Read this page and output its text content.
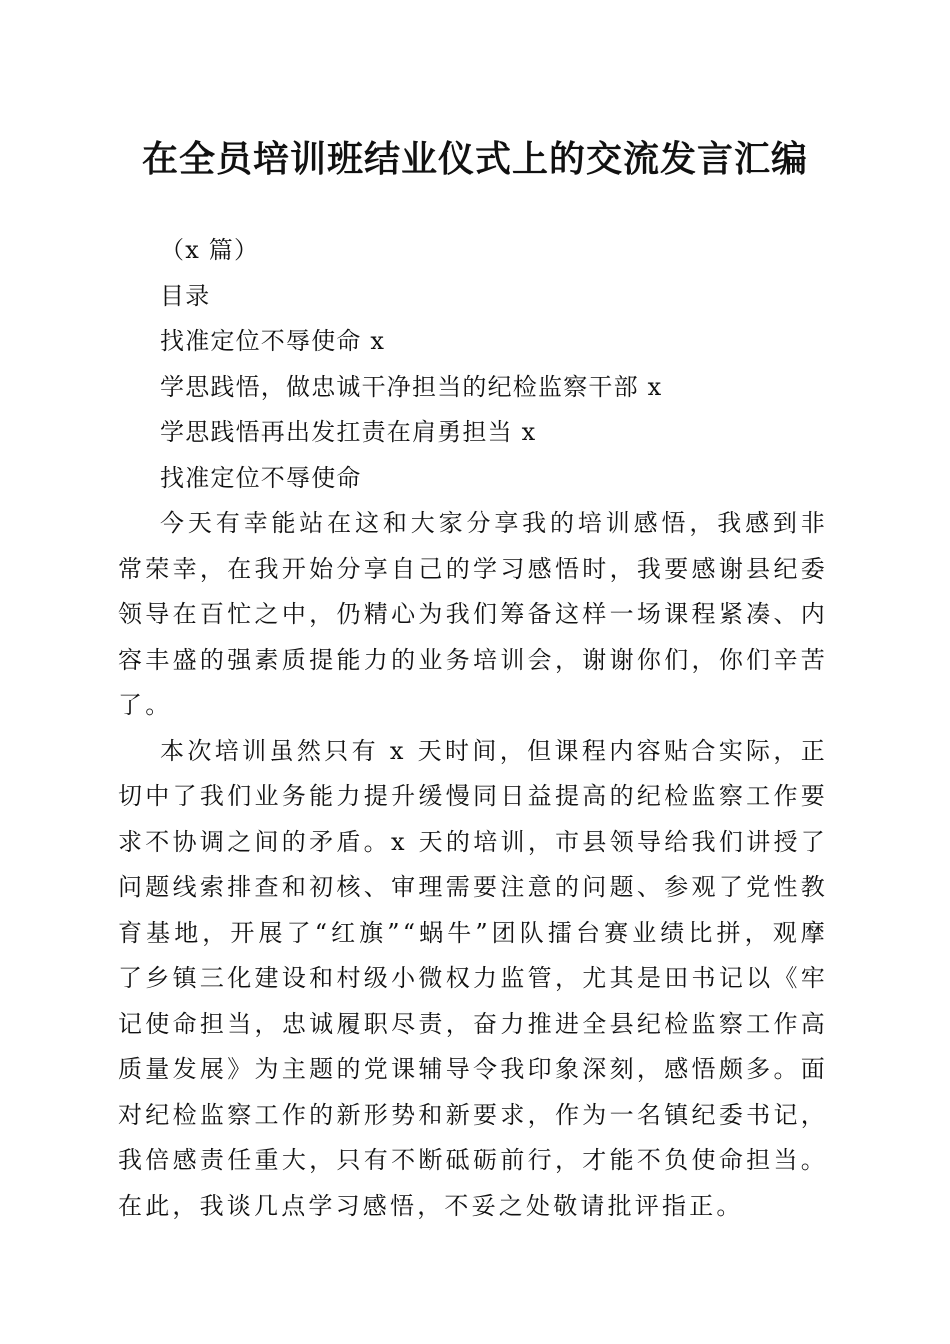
在全员培训班结业仪式上的交流发言汇编
（x 篇）
目录
找准定位不辱使命 x
学思践悟，做忠诚干净担当的纪检监察干部 x
学思践悟再出发扛责在肩勇担当 x
找准定位不辱使命

今天有幸能站在这和大家分享我的培训感悟，我感到非常荣幸，在我开始分享自己的学习感悟时，我要感谢县纪委领导在百忙之中，仍精心为我们筹备这样一场课程紧凑、内容丰盛的强素质提能力的业务培训会，谢谢你们，你们辛苦了。

本次培训虽然只有 x 天时间，但课程内容贴合实际，正切中了我们业务能力提升缓慢同日益提高的纪检监察工作要求不协调之间的矛盾。x 天的培训，市县领导给我们讲授了问题线索排查和初核、审理需要注意的问题、参观了党性教育基地，开展了“红旗”“蜗牛”团队擂台赛业绩比拼，观摩了乡镇三化建设和村级小微权力监管，尤其是田书记以《牢记使命担当，忠诚履职尽责，奋力推进全县纪检监察工作高质量发展》为主题的党课辅导令我印象深刻，感悟颇多。面对纪检监察工作的新形势和新要求，作为一名镇纪委书记，我倍感责任重大，只有不断砥砺前行，才能不负使命担当。在此，我谈几点学习感悟，不妥之处敬请批评指正。
